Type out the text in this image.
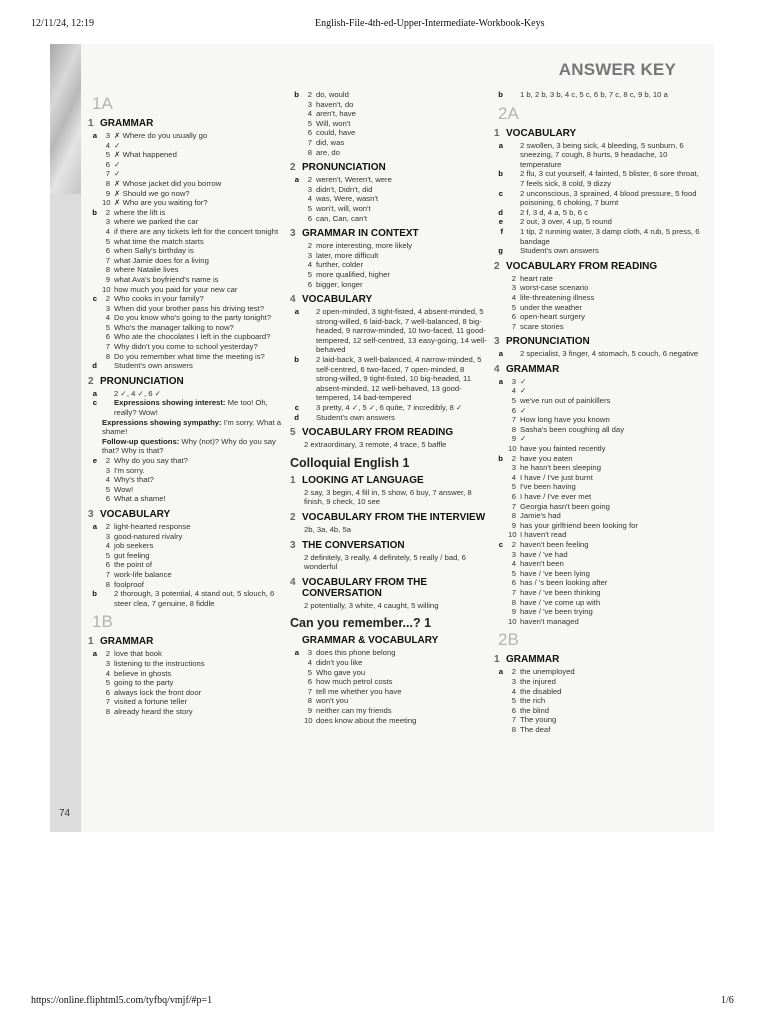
12/11/24, 12:19	English-File-4th-ed-Upper-Intermediate-Workbook-Keys
ANSWER KEY
74
1A
1 GRAMMAR
a	3 ✗ Where do you usually go
4 ✓
5 ✗ What happened
6 ✓
7 ✓
8 ✗ Whose jacket did you borrow
9 ✗ Should we go now?
10 ✗ Who are you waiting for?
b	2 where the lift is
3 where we parked the car
4 if there are any tickets left for the concert tonight
5 what time the match starts
6 when Sally's birthday is
7 what Jamie does for a living
8 where Natalie lives
9 what Ava's boyfriend's name is
10 how much you paid for your new car
c	2 Who cooks in your family?
3 When did your brother pass his driving test?
4 Do you know who's going to the party tonight?
5 Who's the manager talking to now?
6 Who ate the chocolates I left in the cupboard?
7 Why didn't you come to school yesterday?
8 Do you remember what time the meeting is?
d	Student's own answers
2 PRONUNCIATION
a	2 ✓, 4 ✓, 6 ✓
c	Expressions showing interest: Me too! Oh, really? Wow!
Expressions showing sympathy: I'm sorry. What a shame!
Follow-up questions: Why (not)? Why do you say that? Why is that?
e	2 Why do you say that?
3 I'm sorry.
4 Why's that?
5 Wow!
6 What a shame!
3 VOCABULARY
a	2 light-hearted response
3 good-natured rivalry
4 job seekers
5 gut feeling
6 the point of
7 work-life balance
8 foolproof
b	2 thorough, 3 potential, 4 stand out, 5 slouch, 6 steer clea, 7 genuine, 8 fiddle
1B
1 GRAMMAR
a	2 love that book
3 listening to the instructions
4 believe in ghosts
5 going to the party
6 always lock the front door
7 visited a fortune teller
8 already heard the story
b	2 do, would
3 haven't, do
4 aren't, have
5 Will, won't
6 could, have
7 did, was
8 are, do
2 PRONUNCIATION
a	2 weren't, Weren't, were
3 didn't, Didn't, did
4 was, Were, wasn't
5 won't, will, won't
6 can, Can, can't
3 GRAMMAR IN CONTEXT
2 more interesting, more likely
3 later, more difficult
4 further, colder
5 more qualified, higher
6 bigger, longer
4 VOCABULARY
a	2 open-minded, 3 tight-fisted, 4 absent-minded, 5 strong-willed, 6 laid-back, 7 well-balanced, 8 big-headed, 9 narrow-minded, 10 two-faced, 11 good-tempered, 12 self-centred, 13 easy-going, 14 well-behaved
b	2 laid-back, 3 well-balanced, 4 narrow-minded, 5 self-centred, 6 two-faced, 7 open-minded, 8 strong-willed, 9 tight-fisted, 10 big-headed, 11 absent-minded, 12 well-behaved, 13 good-tempered, 14 bad-tempered
c	3 pretty, 4 ✓, 5 ✓, 6 quite, 7 incredibly, 8 ✓
d	Student's own answers
5 VOCABULARY FROM READING
2 extraordinary, 3 remote, 4 trace, 5 baffle
Colloquial English 1
1 LOOKING AT LANGUAGE
2 say, 3 begin, 4 fill in, 5 show, 6 buy, 7 answer, 8 finish, 9 check, 10 see
2 VOCABULARY FROM THE INTERVIEW
2b, 3a, 4b, 5a
3 THE CONVERSATION
2 definitely, 3 really, 4 definitely, 5 really / bad, 6 wonderful
4 VOCABULARY FROM THE CONVERSATION
2 potentially, 3 white, 4 caught, 5 willing
Can you remember...? 1
GRAMMAR & VOCABULARY
a	3 does this phone belong
4 didn't you like
5 Who gave you
6 how much petrol costs
7 tell me whether you have
8 won't you
9 neither can my friends
10 does know about the meeting
b	1 b, 2 b, 3 b, 4 c, 5 c, 6 b, 7 c, 8 c, 9 b, 10 a
2A
1 VOCABULARY
a	2 swollen, 3 being sick, 4 bleeding, 5 sunburn, 6 sneezing, 7 cough, 8 hurts, 9 headache, 10 temperature
b	2 flu, 3 cut yourself, 4 fainted, 5 blister, 6 sore throat, 7 feels sick, 8 cold, 9 dizzy
c	2 unconscious, 3 sprained, 4 blood pressure, 5 food poisoning, 6 choking, 7 burnt
d	2 f, 3 d, 4 a, 5 b, 6 c
e	2 out, 3 over, 4 up, 5 round
f	1 tip, 2 running water, 3 damp cloth, 4 rub, 5 press, 6 bandage
g	Student's own answers
2 VOCABULARY FROM READING
2 heart rate
3 worst-case scenario
4 life-threatening illness
5 under the weather
6 open-heart surgery
7 scare stories
3 PRONUNCIATION
a	2 specialist, 3 finger, 4 stomach, 5 couch, 6 negative
4 GRAMMAR
a	3 ✓
4 ✓
5 we've run out of painkillers
6 ✓
7 How long have you known
8 Sasha's been coughing all day
9 ✓
10 have you fainted recently
b	2 have you eaten
3 he hasn't been sleeping
4 I have / I've just burnt
5 I've been having
6 I have / I've ever met
7 Georgia hasn't been going
8 Jamie's had
9 has your girlfriend been looking for
10 I haven't read
c	2 haven't been feeling
3 have / 've had
4 haven't been
5 have / 've been lying
6 has / 's been looking after
7 have / 've been thinking
8 have / 've come up with
9 have / 've been trying
10 haven't managed
2B
1 GRAMMAR
a	2 the unemployed
3 the injured
4 the disabled
5 the rich
6 the blind
7 The young
8 The deaf
https://online.fliphtml5.com/tyfbq/vmjf/#p=1	1/6
